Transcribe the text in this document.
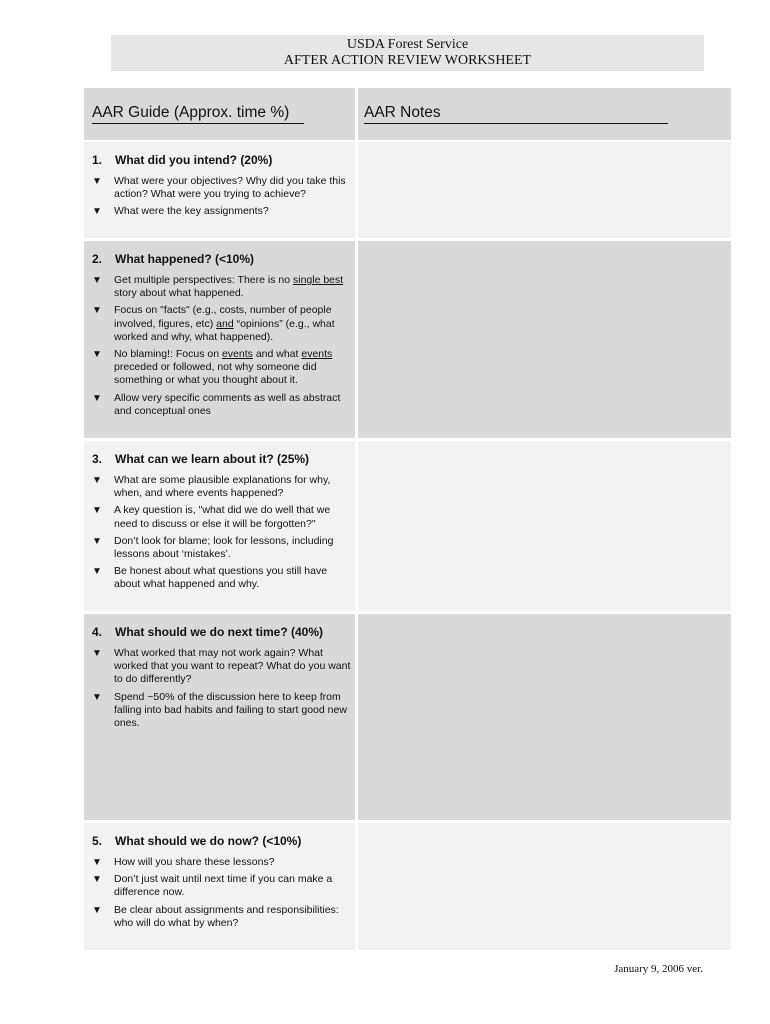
USDA Forest Service
AFTER ACTION REVIEW WORKSHEET
AAR Guide (Approx. time %)	AAR Notes
1. What did you intend? (20%)
▼ What were your objectives? Why did you take this action? What were you trying to achieve?
▼ What were the key assignments?
2. What happened? (<10%)
▼ Get multiple perspectives: There is no single best story about what happened.
▼ Focus on "facts" (e.g., costs, number of people involved, figures, etc) and “opinions” (e.g., what worked and why, what happened).
▼ No blaming!: Focus on events and what events preceded or followed, not why someone did something or what you thought about it.
▼ Allow very specific comments as well as abstract and conceptual ones
3. What can we learn about it? (25%)
▼ What are some plausible explanations for why, when, and where events happened?
▼ A key question is, "what did we do well that we need to discuss or else it will be forgotten?"
▼ Don’t look for blame; look for lessons, including lessons about ‘mistakes’.
▼ Be honest about what questions you still have about what happened and why.
4. What should we do next time? (40%)
▼ What worked that may not work again? What worked that you want to repeat? What do you want to do differently?
▼ Spend ~50% of the discussion here to keep from falling into bad habits and failing to start good new ones.
5. What should we do now? (<10%)
▼ How will you share these lessons?
▼ Don’t just wait until next time if you can make a difference now.
▼ Be clear about assignments and responsibilities: who will do what by when?
January 9, 2006 ver.
